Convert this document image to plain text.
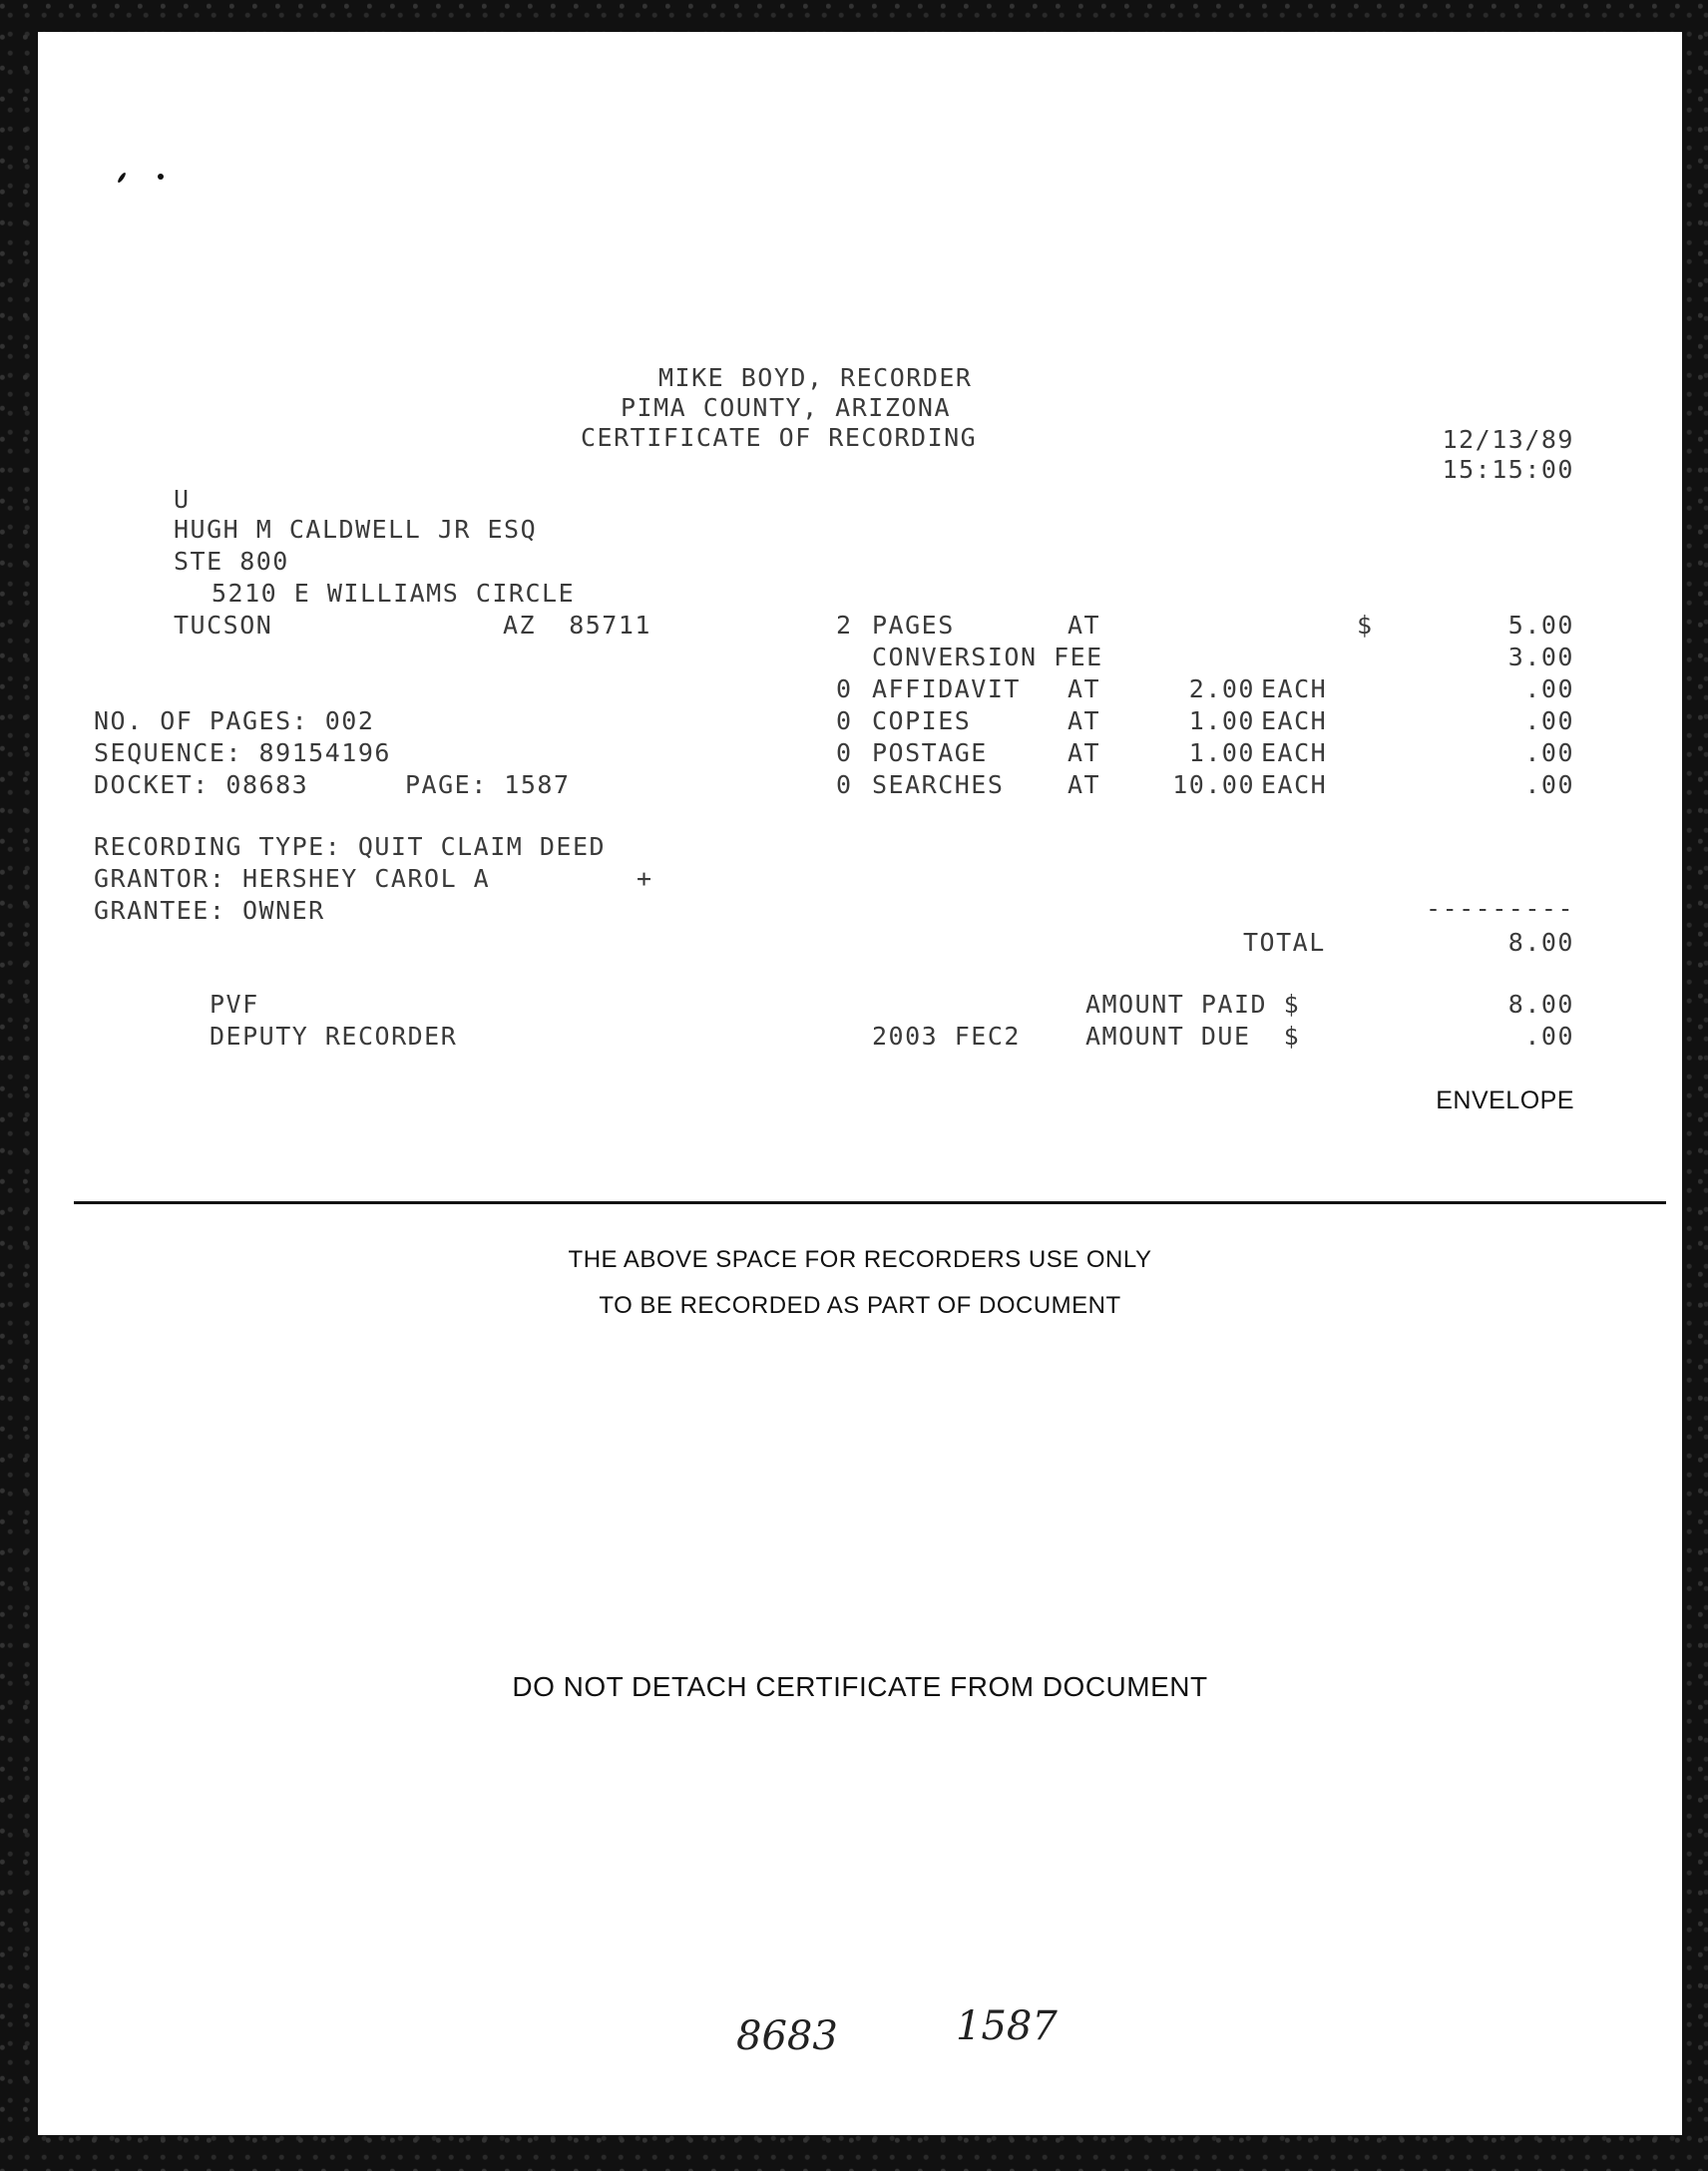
MIKE BOYD, RECORDER
PIMA COUNTY, ARIZONA
CERTIFICATE OF RECORDING	12/13/89
15:15:00
U
HUGH M CALDWELL JR ESQ
STE 800
5210 E WILLIAMS CIRCLE
TUCSON	AZ  85711	2 PAGES	AT	$	5.00
CONVERSION FEE	3.00
0 AFFIDAVIT AT	2.00 EACH	.00
0 COPIES	AT	1.00 EACH	.00
0 POSTAGE	AT	1.00 EACH	.00
0 SEARCHES	AT	10.00 EACH	.00
NO. OF PAGES: 002
SEQUENCE: 89154196
DOCKET: 08683	PAGE: 1587
RECORDING TYPE: QUIT CLAIM DEED
GRANTOR: HERSHEY CAROL A	+
GRANTEE: OWNER	---------
TOTAL	8.00
PVF
DEPUTY RECORDER
AMOUNT PAID $	8.00
2003 FEC2	AMOUNT DUE  $	.00
ENVELOPE
THE ABOVE SPACE FOR RECORDERS USE ONLY
TO BE RECORDED AS PART OF DOCUMENT
DO NOT DETACH CERTIFICATE FROM DOCUMENT
8683	1587
